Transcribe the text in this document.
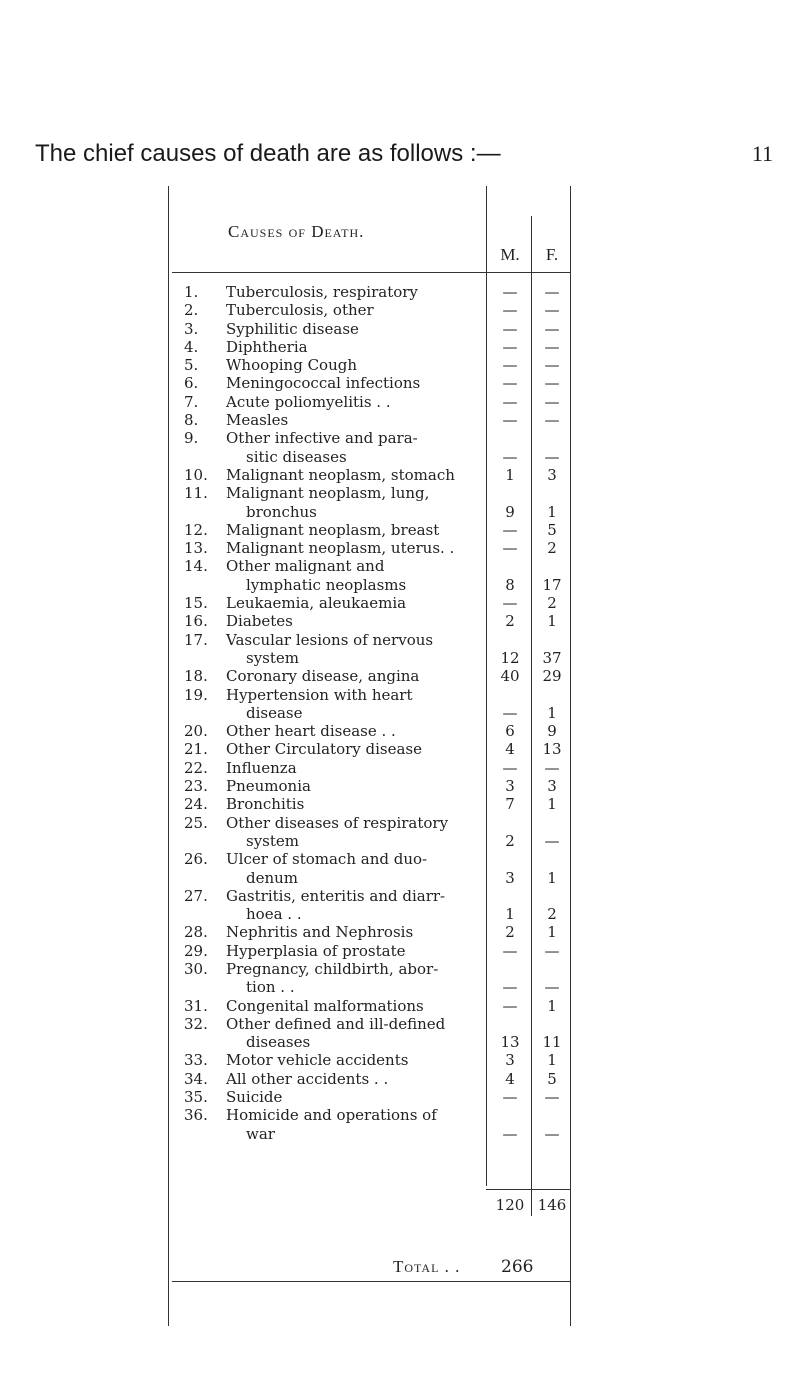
The chief causes of death are as follows :—	11
Causes of Death.
M.	F.
1.	Tuberculosis, respiratory	—	—
2.	Tuberculosis, other	—	—
3.	Syphilitic disease	—	—
4.	Diphtheria	—	—
5.	Whooping Cough	—	—
6.	Meningococcal infections	—	—
7.	Acute poliomyelitis . .	—	—
8.	Measles	—	—
9.	Other infective and para-

sitic diseases	—	—
10.	Malignant neoplasm, stomach	1	3
11.	Malignant neoplasm, lung,

bronchus	9	1
12.	Malignant neoplasm, breast	—	5
13.	Malignant neoplasm, uterus. .	—	2
14.	Other malignant and

lymphatic neoplasms	8	17
15.	Leukaemia, aleukaemia	—	2
16.	Diabetes	2	1
17.	Vascular lesions of nervous

system	12	37
18.	Coronary disease, angina	40	29
19.	Hypertension with heart

disease	—	1
20.	Other heart disease . .	6	9
21.	Other Circulatory disease	4	13
22.	Influenza	—	—
23.	Pneumonia	3	3
24.	Bronchitis	7	1
25.	Other diseases of respiratory

system	2	—
26.	Ulcer of stomach and duo-

denum	3	1
27.	Gastritis, enteritis and diarr-

hoea . .	1	2
28.	Nephritis and Nephrosis	2	1
29.	Hyperplasia of prostate	—	—
30.	Pregnancy, childbirth, abor-

tion . .	—	—
31.	Congenital malformations	—	1
32.	Other defined and ill-defined

diseases	13	11
33.	Motor vehicle accidents	3	1
34.	All other accidents . .	4	5
35.	Suicide	—	—
36.	Homicide and operations of

war	—	—
120 146
Total . . 266
